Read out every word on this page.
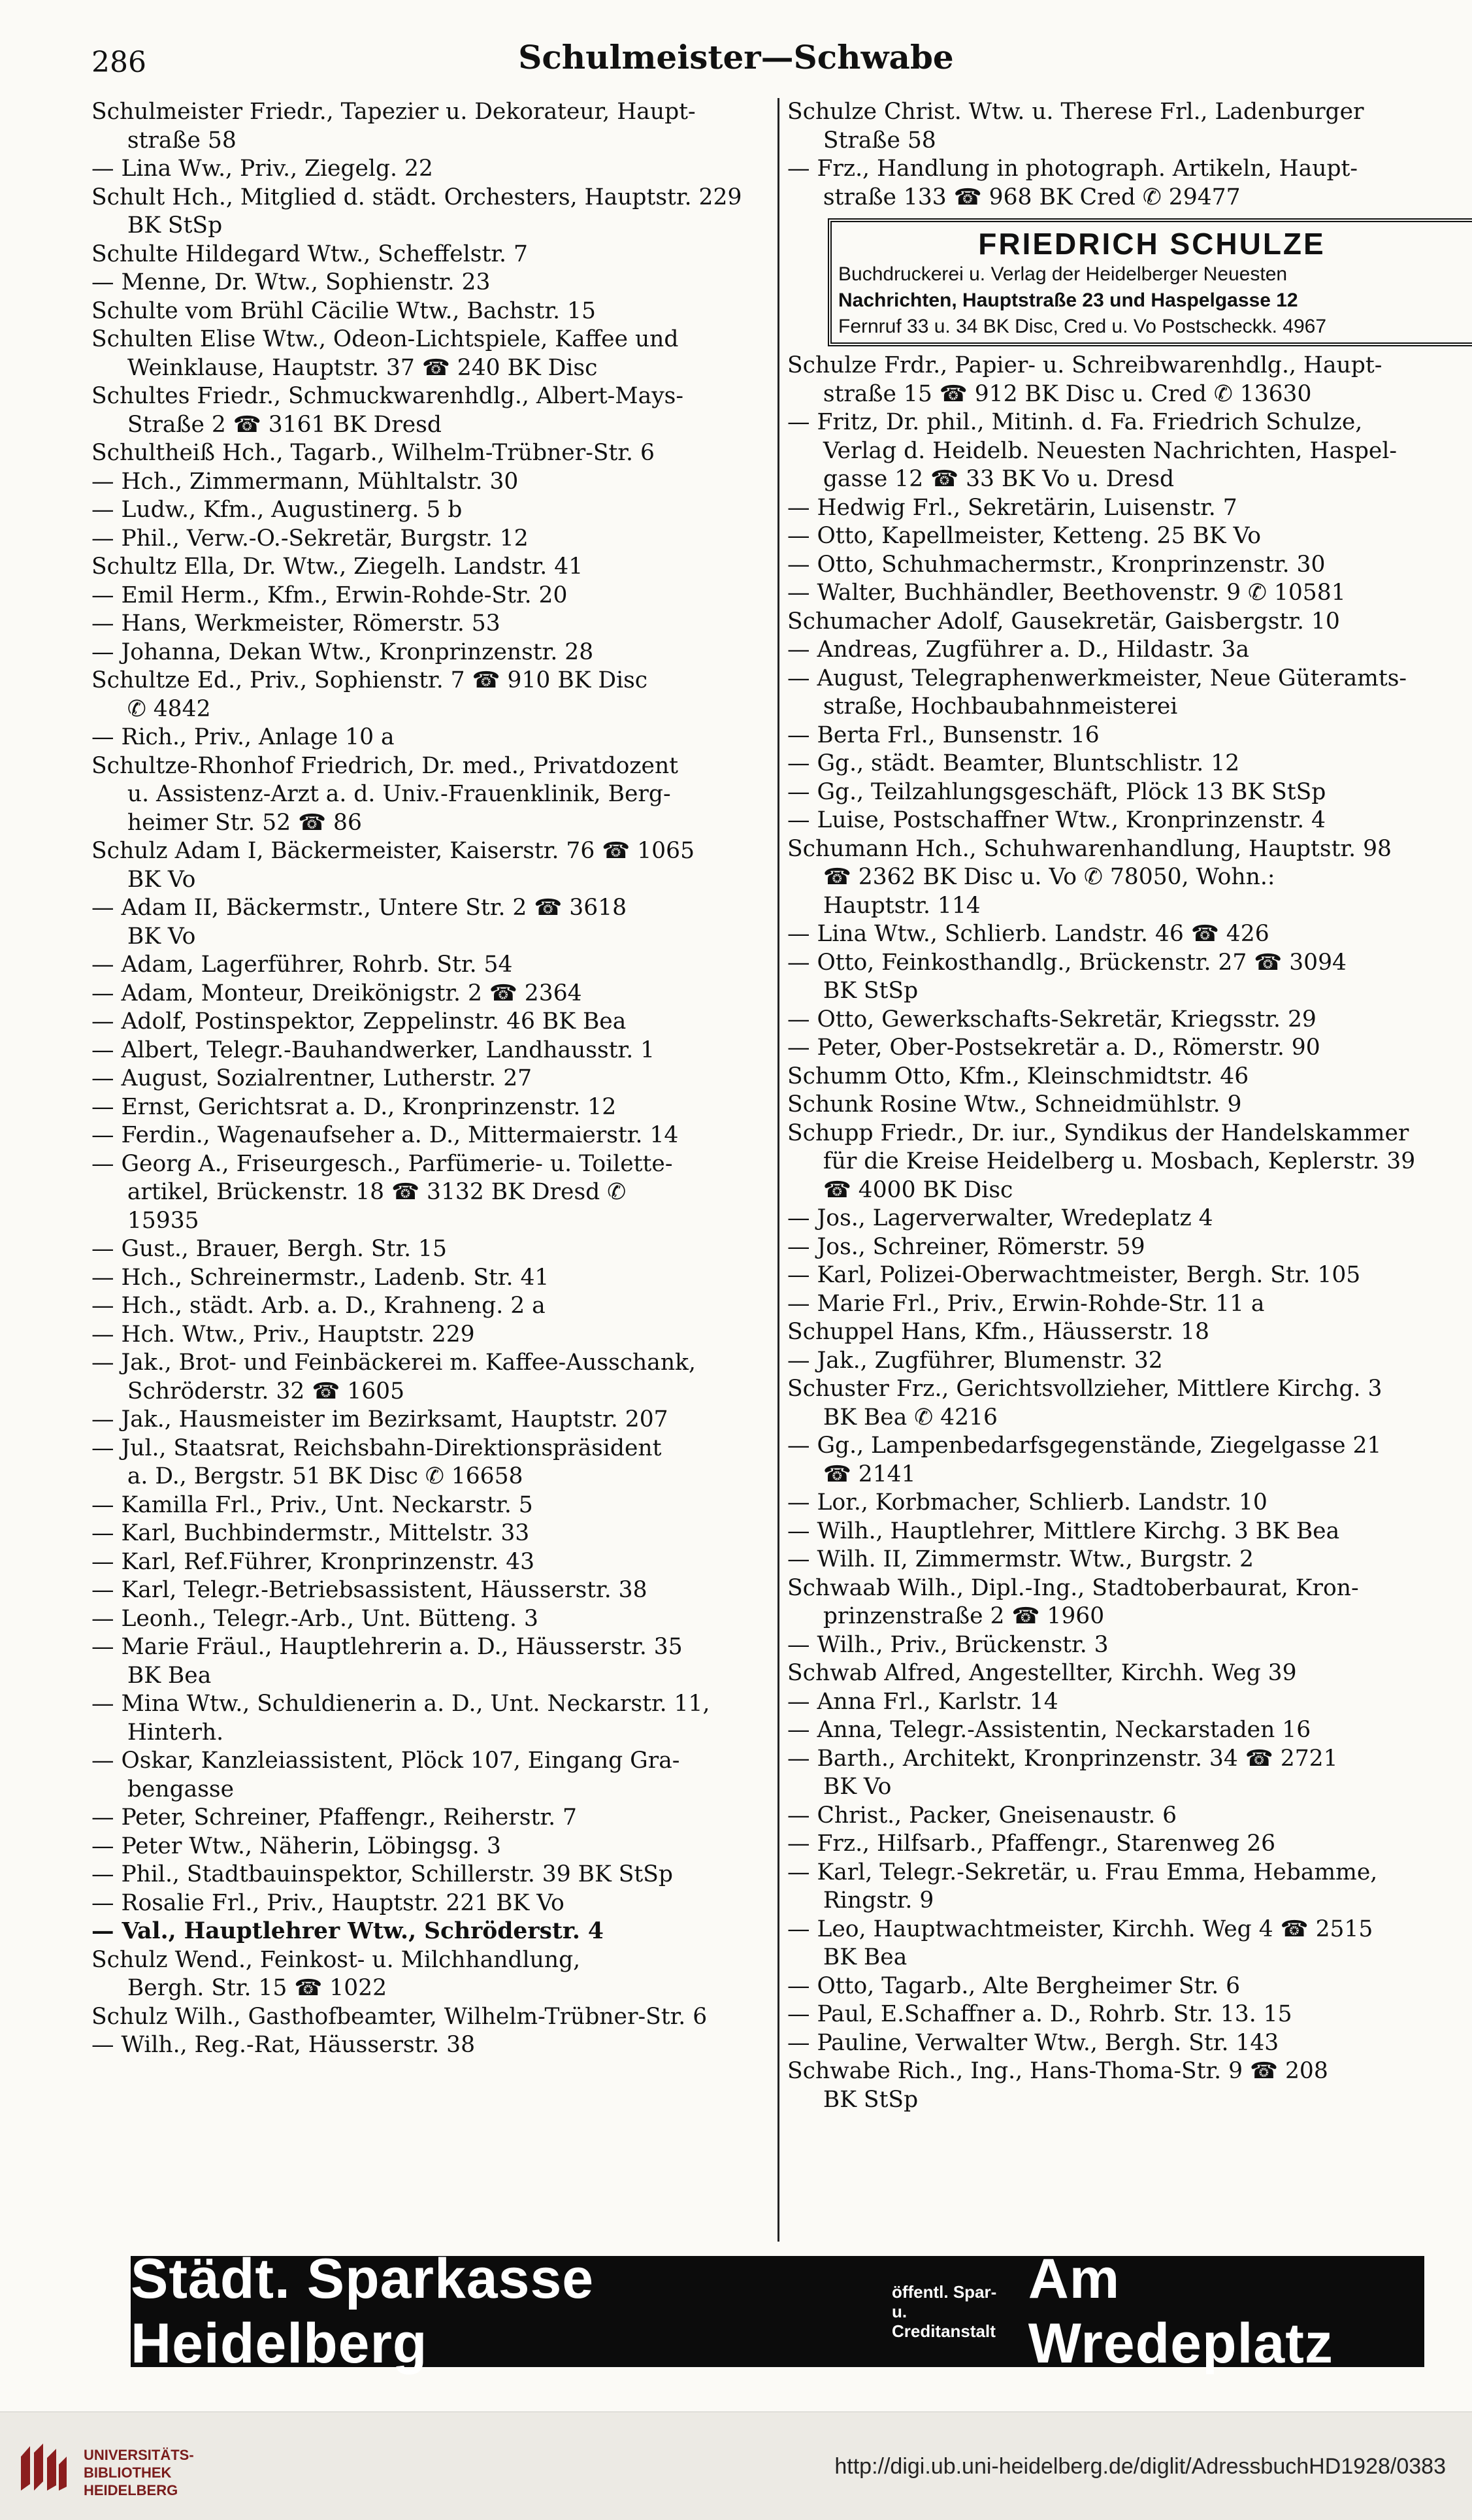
286	Schulmeister—Schwabe

Schulmeister Friedr., Tapezier u. Dekorateur, Haupt-
straße 58

— Lina Ww., Priv., Ziegelg. 22

Schult Hch., Mitglied d. städt. Orchesters, Hauptstr. 229
BK StSp

Schulte Hildegard Wtw., Scheffelstr. 7

— Menne, Dr. Wtw., Sophienstr. 23

Schulte vom Brühl Cäcilie Wtw., Bachstr. 15

Schulten Elise Wtw., Odeon-Lichtspiele, Kaffee und
Weinklause, Hauptstr. 37 ☎ 240 BK Disc

Schultes Friedr., Schmuckwarenhdlg., Albert-Mays-
Straße 2 ☎ 3161 BK Dresd

Schultheiß Hch., Tagarb., Wilhelm-Trübner-Str. 6

— Hch., Zimmermann, Mühltalstr. 30

— Ludw., Kfm., Augustinerg. 5 b

— Phil., Verw.-O.-Sekretär, Burgstr. 12

Schultz Ella, Dr. Wtw., Ziegelh. Landstr. 41

— Emil Herm., Kfm., Erwin-Rohde-Str. 20

— Hans, Werkmeister, Römerstr. 53

— Johanna, Dekan Wtw., Kronprinzenstr. 28

Schultze Ed., Priv., Sophienstr. 7 ☎ 910 BK Disc
✆ 4842

— Rich., Priv., Anlage 10 a

Schultze-Rhonhof Friedrich, Dr. med., Privatdozent
u. Assistenz-Arzt a. d. Univ.-Frauenklinik, Berg-
heimer Str. 52 ☎ 86

Schulz Adam I, Bäckermeister, Kaiserstr. 76 ☎ 1065
BK Vo

— Adam II, Bäckermstr., Untere Str. 2 ☎ 3618
BK Vo

— Adam, Lagerführer, Rohrb. Str. 54

— Adam, Monteur, Dreikönigstr. 2 ☎ 2364

— Adolf, Postinspektor, Zeppelinstr. 46 BK Bea

— Albert, Telegr.-Bauhandwerker, Landhausstr. 1

— August, Sozialrentner, Lutherstr. 27

— Ernst, Gerichtsrat a. D., Kronprinzenstr. 12

— Ferdin., Wagenaufseher a. D., Mittermaierstr. 14

— Georg A., Friseurgesch., Parfümerie- u. Toilette-
artikel, Brückenstr. 18 ☎ 3132 BK Dresd ✆
15935

— Gust., Brauer, Bergh. Str. 15

— Hch., Schreinermstr., Ladenb. Str. 41

— Hch., städt. Arb. a. D., Krahneng. 2 a

— Hch. Wtw., Priv., Hauptstr. 229

— Jak., Brot- und Feinbäckerei m. Kaffee-Ausschank,
Schröderstr. 32 ☎ 1605

— Jak., Hausmeister im Bezirksamt, Hauptstr. 207

— Jul., Staatsrat, Reichsbahn-Direktionspräsident
a. D., Bergstr. 51 BK Disc ✆ 16658

— Kamilla Frl., Priv., Unt. Neckarstr. 5

— Karl, Buchbindermstr., Mittelstr. 33

— Karl, Ref.Führer, Kronprinzenstr. 43

— Karl, Telegr.-Betriebsassistent, Häusserstr. 38

— Leonh., Telegr.-Arb., Unt. Bütteng. 3

— Marie Fräul., Hauptlehrerin a. D., Häusserstr. 35
BK Bea

— Mina Wtw., Schuldienerin a. D., Unt. Neckarstr. 11,
Hinterh.

— Oskar, Kanzleiassistent, Plöck 107, Eingang Gra-
bengasse

— Peter, Schreiner, Pfaffengr., Reiherstr. 7

— Peter Wtw., Näherin, Löbingsg. 3

— Phil., Stadtbauinspektor, Schillerstr. 39 BK StSp

— Rosalie Frl., Priv., Hauptstr. 221 BK Vo

— Val., Hauptlehrer Wtw., Schröderstr. 4

Schulz Wend., Feinkost- u. Milchhandlung,
Bergh. Str. 15 ☎ 1022

Schulz Wilh., Gasthofbeamter, Wilhelm-Trübner-Str. 6

— Wilh., Reg.-Rat, Häusserstr. 38

Schulze Christ. Wtw. u. Therese Frl., Ladenburger
Straße 58

— Frz., Handlung in photograph. Artikeln, Haupt-
straße 133 ☎ 968 BK Cred ✆ 29477

FRIEDRICH SCHULZE
Buchdruckerei u. Verlag der Heidelberger Neuesten
Nachrichten, Hauptstraße 23 und Haspelgasse 12
Fernruf 33 u. 34 BK Disc, Cred u. Vo Postscheckk. 4967

Schulze Frdr., Papier- u. Schreibwarenhdlg., Haupt-
straße 15 ☎ 912 BK Disc u. Cred ✆ 13630

— Fritz, Dr. phil., Mitinh. d. Fa. Friedrich Schulze,
Verlag d. Heidelb. Neuesten Nachrichten, Haspel-
gasse 12 ☎ 33 BK Vo u. Dresd

— Hedwig Frl., Sekretärin, Luisenstr. 7

— Otto, Kapellmeister, Ketteng. 25 BK Vo

— Otto, Schuhmachermstr., Kronprinzenstr. 30

— Walter, Buchhändler, Beethovenstr. 9 ✆ 10581

Schumacher Adolf, Gausekretär, Gaisbergstr. 10

— Andreas, Zugführer a. D., Hildastr. 3a

— August, Telegraphenwerkmeister, Neue Güteramts-
straße, Hochbaubahnmeisterei

— Berta Frl., Bunsenstr. 16

— Gg., städt. Beamter, Bluntschlistr. 12

— Gg., Teilzahlungsgeschäft, Plöck 13 BK StSp

— Luise, Postschaffner Wtw., Kronprinzenstr. 4

Schumann Hch., Schuhwarenhandlung, Hauptstr. 98
☎ 2362 BK Disc u. Vo ✆ 78050, Wohn.:
Hauptstr. 114

— Lina Wtw., Schlierb. Landstr. 46 ☎ 426

— Otto, Feinkosthandlg., Brückenstr. 27 ☎ 3094
BK StSp

— Otto, Gewerkschafts-Sekretär, Kriegsstr. 29

— Peter, Ober-Postsekretär a. D., Römerstr. 90

Schumm Otto, Kfm., Kleinschmidtstr. 46

Schunk Rosine Wtw., Schneidmühlstr. 9

Schupp Friedr., Dr. iur., Syndikus der Handelskammer
für die Kreise Heidelberg u. Mosbach, Keplerstr. 39
☎ 4000 BK Disc

— Jos., Lagerverwalter, Wredeplatz 4

— Jos., Schreiner, Römerstr. 59

— Karl, Polizei-Oberwachtmeister, Bergh. Str. 105

— Marie Frl., Priv., Erwin-Rohde-Str. 11 a

Schuppel Hans, Kfm., Häusserstr. 18

— Jak., Zugführer, Blumenstr. 32

Schuster Frz., Gerichtsvollzieher, Mittlere Kirchg. 3
BK Bea ✆ 4216

— Gg., Lampenbedarfsgegenstände, Ziegelgasse 21
☎ 2141

— Lor., Korbmacher, Schlierb. Landstr. 10

— Wilh., Hauptlehrer, Mittlere Kirchg. 3 BK Bea

— Wilh. II, Zimmermstr. Wtw., Burgstr. 2

Schwaab Wilh., Dipl.-Ing., Stadtoberbaurat, Kron-
prinzenstraße 2 ☎ 1960

— Wilh., Priv., Brückenstr. 3

Schwab Alfred, Angestellter, Kirchh. Weg 39

— Anna Frl., Karlstr. 14

— Anna, Telegr.-Assistentin, Neckarstaden 16

— Barth., Architekt, Kronprinzenstr. 34 ☎ 2721
BK Vo

— Christ., Packer, Gneisenaustr. 6

— Frz., Hilfsarb., Pfaffengr., Starenweg 26

— Karl, Telegr.-Sekretär, u. Frau Emma, Hebamme,
Ringstr. 9

— Leo, Hauptwachtmeister, Kirchh. Weg 4 ☎ 2515
BK Bea

— Otto, Tagarb., Alte Bergheimer Str. 6

— Paul, E.Schaffner a. D., Rohrb. Str. 13. 15

— Pauline, Verwalter Wtw., Bergh. Str. 143

Schwabe Rich., Ing., Hans-Thoma-Str. 9 ☎ 208
BK StSp

Städt. Sparkasse Heidelberg
öffentl. Spar- u.
Creditanstalt
Am Wredeplatz
UNIVERSITÄTS-
BIBLIOTHEK
HEIDELBERG
http://digi.ub.uni-heidelberg.de/diglit/AdressbuchHD1928/0383
